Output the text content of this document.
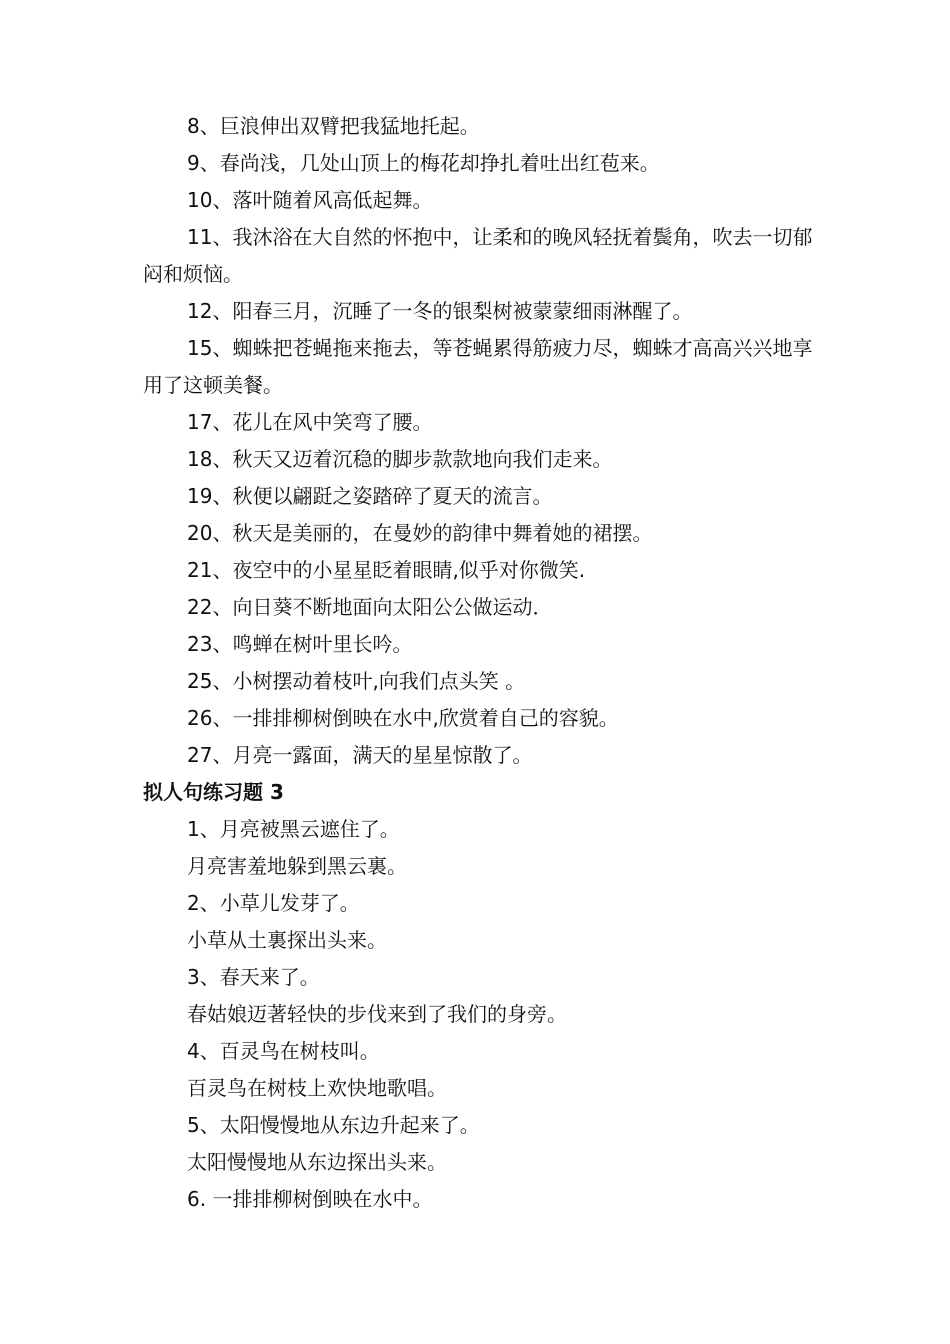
8、巨浪伸出双臂把我猛地托起。

9、春尚浅，几处山顶上的梅花却挣扎着吐出红苞来。

10、落叶随着风高低起舞。

11、我沐浴在大自然的怀抱中，让柔和的晚风轻抚着鬓角，吹去一切郁闷和烦恼。

12、阳春三月，沉睡了一冬的银梨树被蒙蒙细雨淋醒了。

15、蜘蛛把苍蝇拖来拖去，等苍蝇累得筋疲力尽，蜘蛛才高高兴兴地享用了这顿美餐。

17、花儿在风中笑弯了腰。

18、秋天又迈着沉稳的脚步款款地向我们走来。

19、秋便以翩跹之姿踏碎了夏天的流言。

20、秋天是美丽的，在曼妙的韵律中舞着她的裙摆。

21、夜空中的小星星眨着眼睛,似乎对你微笑.

22、向日葵不断地面向太阳公公做运动．

23、鸣蝉在树叶里长吟。

25、小树摆动着枝叶,向我们点头笑 。

26、一排排柳树倒映在水中,欣赏着自己的容貌。

27、月亮一露面，满天的星星惊散了。

拟人句练习题 3

1、月亮被黑云遮住了。

月亮害羞地躲到黑云裏。

2、小草儿发芽了。

小草从土裏探出头来。

3、春天来了。

春姑娘迈著轻快的步伐来到了我们的身旁。

4、百灵鸟在树枝叫。

百灵鸟在树枝上欢快地歌唱。

5、太阳慢慢地从东边升起来了。

太阳慢慢地从东边探出头来。

6. 一排排柳树倒映在水中。
